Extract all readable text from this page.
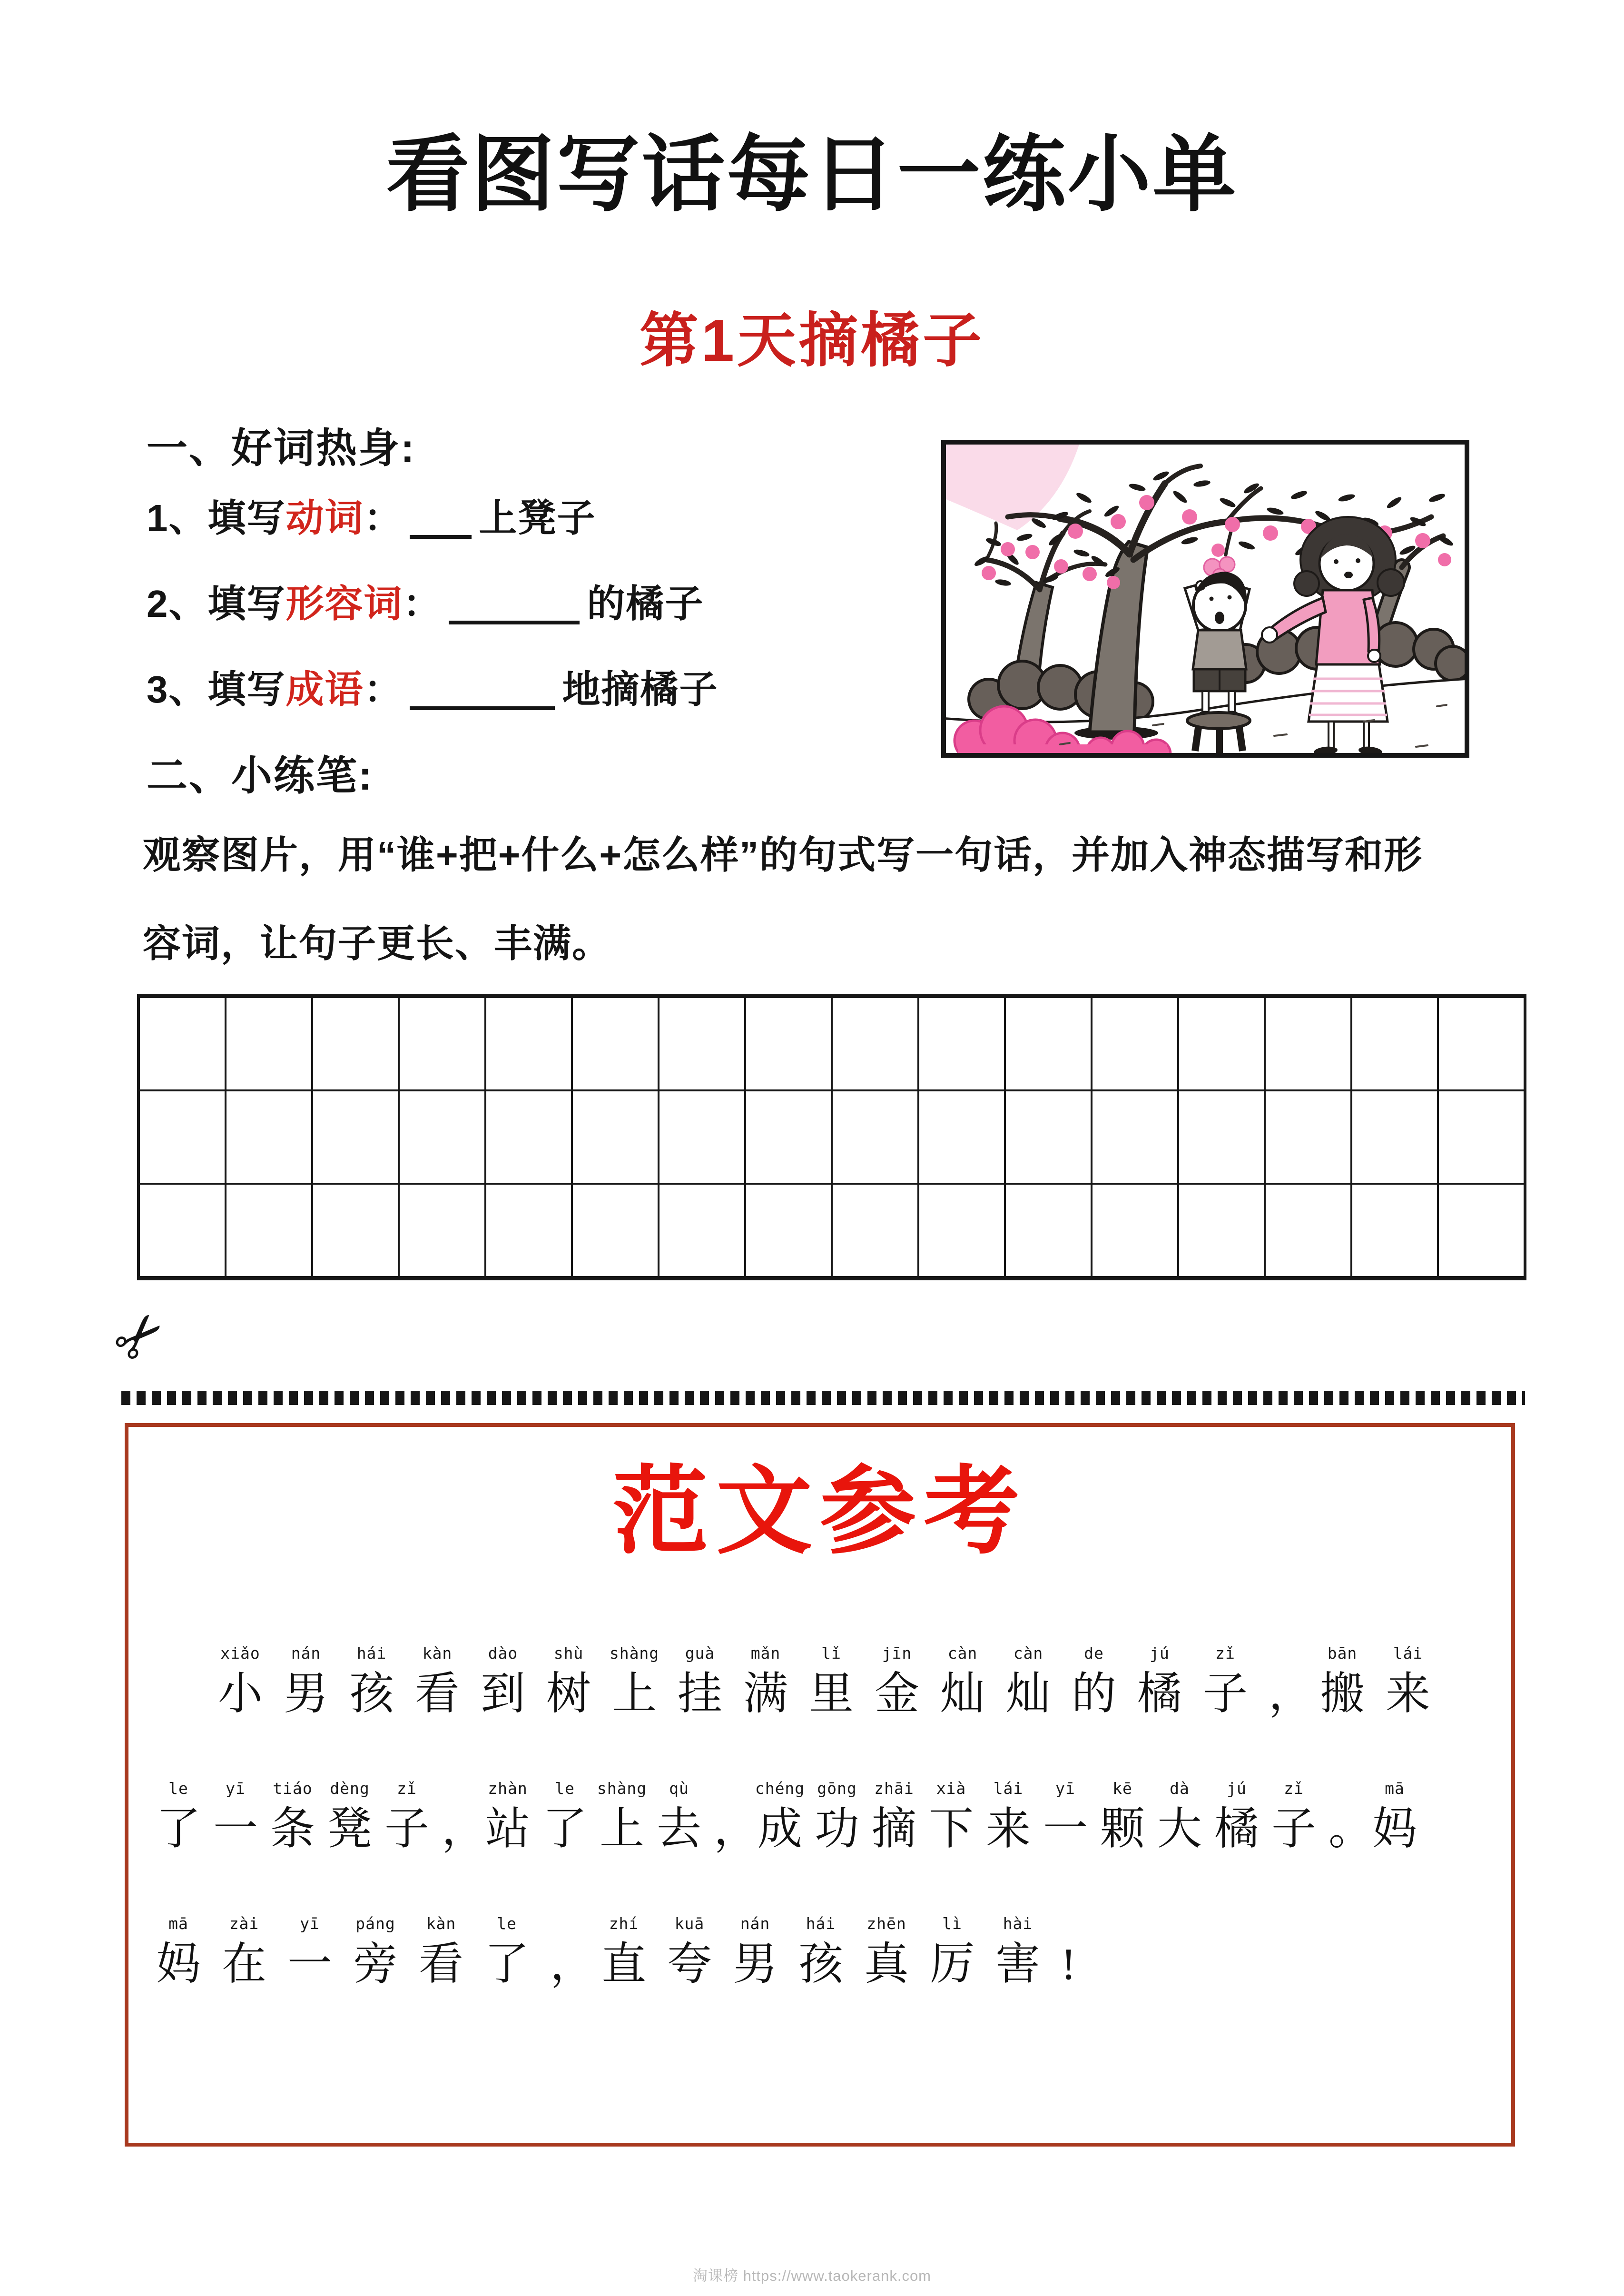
看图写话每日一练小单
第1天摘橘子
一、好词热身:
1、填写动词： 上凳子
2、填写形容词：	的橘子
3、填写成语：	地摘橘子
二、小练笔:
观察图片，用“谁+把+什么+怎么样”的句式写一句话，并加入神态描写和形
容词，让句子更长、丰满。
✂
范文参考
xiǎo
小
nán
男
hái
孩
kàn
看
dào
到
shù
树
shàng
上
guà
挂
mǎn
满
lǐ
里
jīn
金
càn
灿
càn
灿
de
的
jú
橘
zǐ
子 ，
bān
搬
lái
来
le
了
yī
一
tiáo
条
dèng
凳
zǐ
子 ，
zhàn
站
le
了
shàng
上
qù
去 ，
chéng
成
gōng
功
zhāi
摘
xià
下
lái
来
yī
一
kē
颗
dà
大
jú
橘
zǐ
子 。
mā
妈
mā
妈
zài
在
yī
一
páng
旁
kàn
看
le
了 ，
zhí
直
kuā
夸
nán
男
hái
孩
zhēn
真
lì
厉
hài
害 !
淘课榜 https://www.taokerank.com
